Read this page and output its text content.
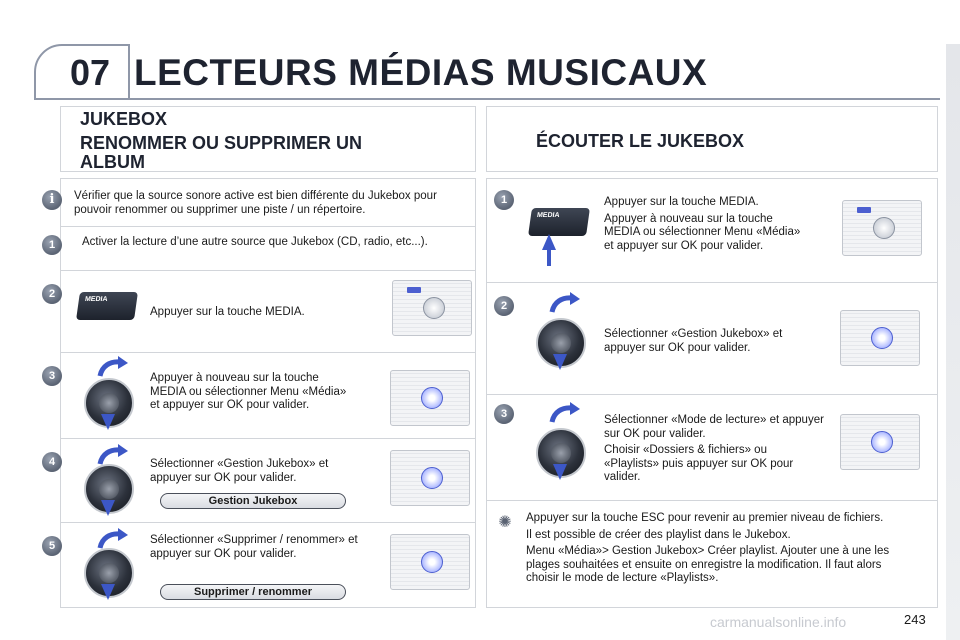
07 LECTEURS MÉDIAS MUSICAUX
JUKEBOX
RENOMMER OU SUPPRIMER UN ALBUM
i	Vérifier que la source sonore active est bien différente du Jukebox pour pouvoir renommer ou supprimer une piste / un répertoire.
1	Activer la lecture d’une autre source que Jukebox (CD, radio, etc...).
2	MEDIA
Appuyer sur la touche MEDIA.
3	Appuyer à nouveau sur la touche MEDIA ou sélectionner Menu «Média» et appuyer sur OK pour valider.
4	Sélectionner «Gestion Jukebox» et appuyer sur OK pour valider.
Gestion Jukebox
5	Sélectionner «Supprimer / renommer» et appuyer sur OK pour valider.
Supprimer / renommer
ÉCOUTER LE JUKEBOX
1
MEDIA

Appuyer sur la touche MEDIA.

Appuyer à nouveau sur la touche MEDIA ou sélectionner Menu «Média» et appuyer sur OK pour valider.

2
Sélectionner «Gestion Jukebox» et appuyer sur OK pour valider.
3	Sélectionner «Mode de lecture» et appuyer sur OK pour valider.

Choisir «Dossiers & fichiers» ou «Playlists» puis appuyer sur OK pour valider.

✺ Appuyer sur la touche ESC pour revenir au premier niveau de fichiers.

Il est possible de créer des playlist dans le Jukebox.

Menu «Média»> Gestion Jukebox> Créer playlist. Ajouter une à une les plages souhaitées et ensuite on enregistre la modification. Il faut alors choisir le mode de lecture «Playlists».

carmanualsonline.info	243
